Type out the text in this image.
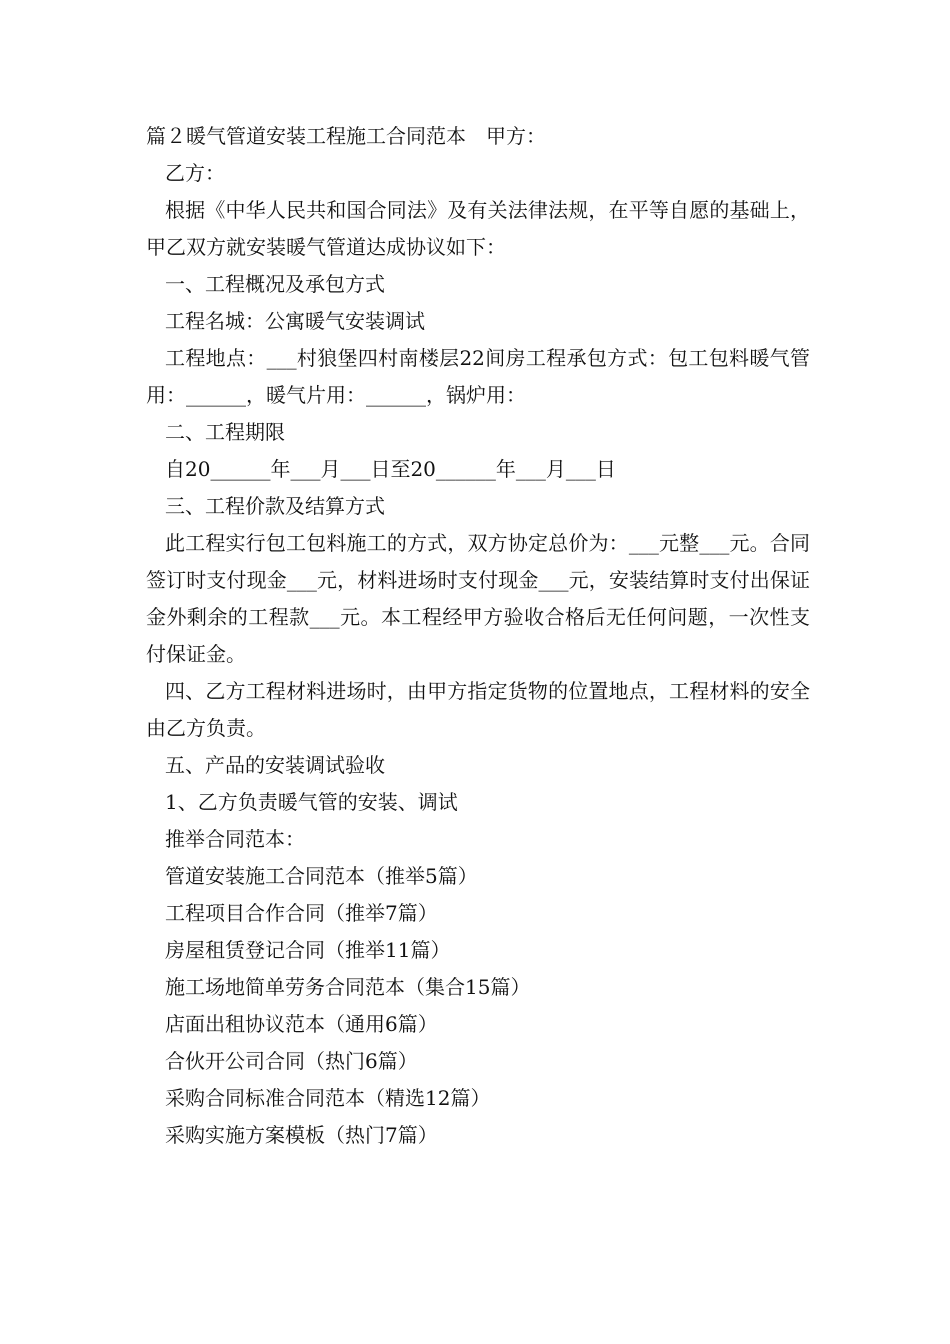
篇２暖气管道安装工程施工合同范本　甲方：
乙方：
根据《中华人民共和国合同法》及有关法律法规，在平等自愿的基础上，甲乙双方就安装暖气管道达成协议如下：
一、工程概况及承包方式
工程名城：公寓暖气安装调试
工程地点：___村狼堡四村南楼层22间房工程承包方式：包工包料暖气管用：______，暖气片用：______，锅炉用：
二、工程期限
自20______年___月___日至20______年___月___日
三、工程价款及结算方式
此工程实行包工包料施工的方式，双方协定总价为：___元整___元。合同签订时支付现金___元，材料进场时支付现金___元，安装结算时支付出保证金外剩余的工程款___元。本工程经甲方验收合格后无任何问题，一次性支付保证金。
四、乙方工程材料进场时，由甲方指定货物的位置地点，工程材料的安全由乙方负责。
五、产品的安装调试验收
1、乙方负责暖气管的安装、调试
推举合同范本：
管道安装施工合同范本（推举5篇）
工程项目合作合同（推举7篇）
房屋租赁登记合同（推举11篇）
施工场地简单劳务合同范本（集合15篇）
店面出租协议范本（通用6篇）
合伙开公司合同（热门6篇）
采购合同标准合同范本（精选12篇）
采购实施方案模板（热门7篇）
